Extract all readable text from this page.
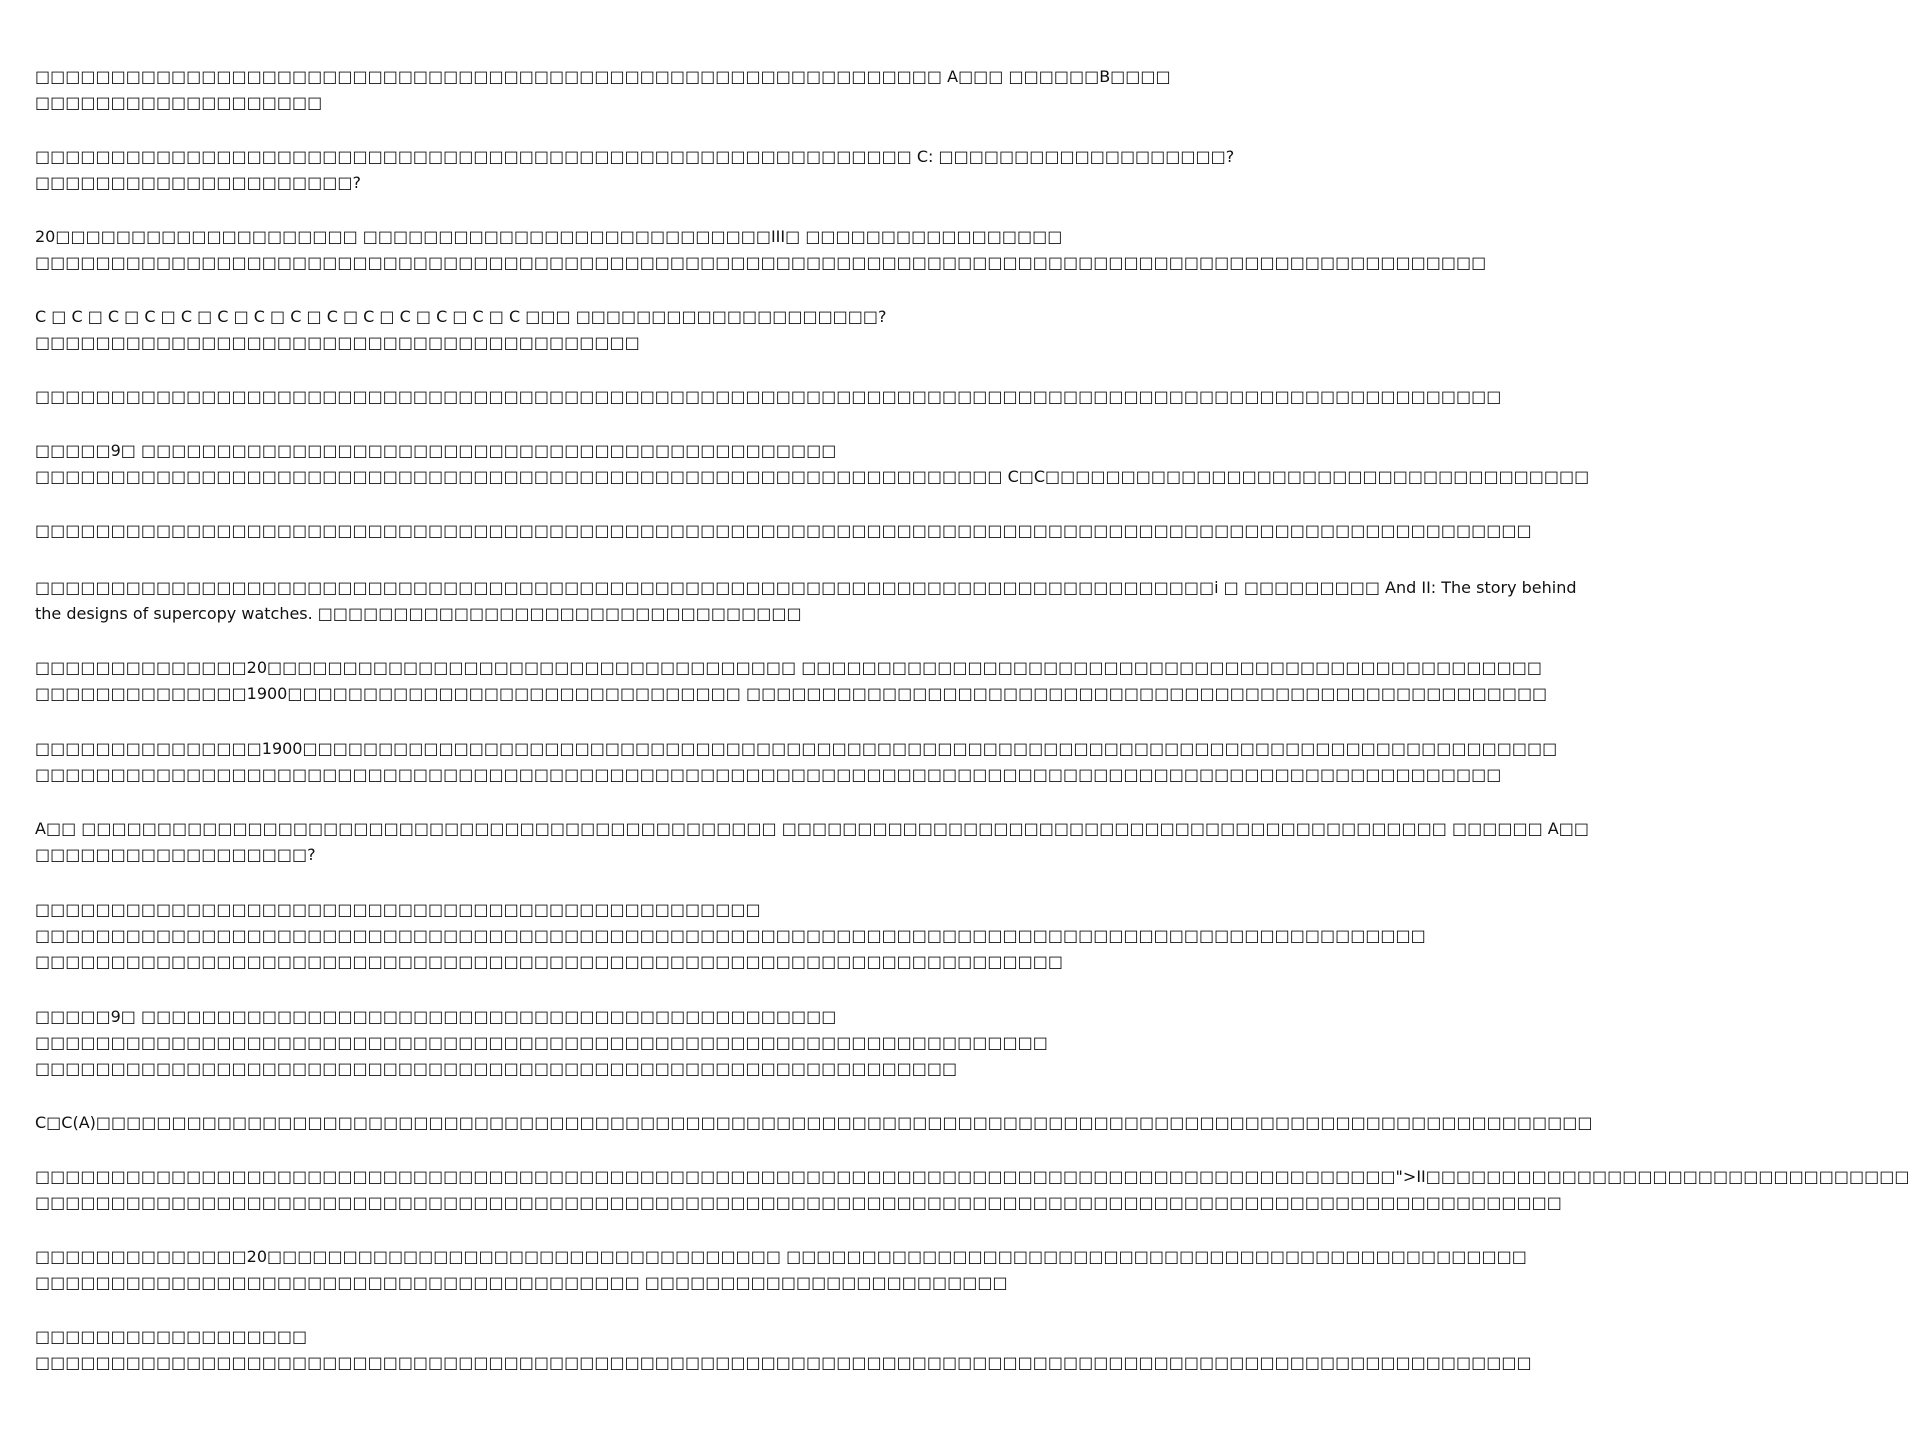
□□□□□□□□□□□□□□□□□□□□□□□□□□□□□□□□□□□□□□□□□□□□□□□□□□□□□□□□□□□□ A□□□ □□□□□□B□□□□
□□□□□□□□□□□□□□□□□□□

□□□□□□□□□□□□□□□□□□□□□□□□□□□□□□□□□□□□□□□□□□□□□□□□□□□□□□□□□□ C: □□□□□□□□□□□□□□□□□□□?
□□□□□□□□□□□□□□□□□□□□□?

20□□□□□□□□□□□□□□□□□□□□ □□□□□□□□□□□□□□□□□□□□□□□□□□□III□ □□□□□□□□□□□□□□□□□
□□□□□□□□□□□□□□□□□□□□□□□□□□□□□□□□□□□□□□□□□□□□□□□□□□□□□□□□□□□□□□□□□□□□□□□□□□□□□□□□□□□□□□□□□□□□□□□□

C □ C □ C □ C □ C □ C □ C □ C □ C □ C □ C □ C □ C □ C □□□ □□□□□□□□□□□□□□□□□□□□?
□□□□□□□□□□□□□□□□□□□□□□□□□□□□□□□□□□□□□□□□

□□□□□□□□□□□□□□□□□□□□□□□□□□□□□□□□□□□□□□□□□□□□□□□□□□□□□□□□□□□□□□□□□□□□□□□□□□□□□□□□□□□□□□□□□□□□□□□□□

□□□□□9□ □□□□□□□□□□□□□□□□□□□□□□□□□□□□□□□□□□□□□□□□□□□□□□
□□□□□□□□□□□□□□□□□□□□□□□□□□□□□□□□□□□□□□□□□□□□□□□□□□□□□□□□□□□□□□□□ C□C□□□□□□□□□□□□□□□□□□□□□□□□□□□□□□□□□□□□

□□□□□□□□□□□□□□□□□□□□□□□□□□□□□□□□□□□□□□□□□□□□□□□□□□□□□□□□□□□□□□□□□□□□□□□□□□□□□□□□□□□□□□□□□□□□□□□□□□□

□□□□□□□□□□□□□□□□□□□□□□□□□□□□□□□□□□□□□□□□□□□□□□□□□□□□□□□□□□□□□□□□□□□□□□□□□□□□□□i □ □□□□□□□□□ And II: The story behind
the designs of supercopy watches. □□□□□□□□□□□□□□□□□□□□□□□□□□□□□□□□

□□□□□□□□□□□□□□20□□□□□□□□□□□□□□□□□□□□□□□□□□□□□□□□□□□ □□□□□□□□□□□□□□□□□□□□□□□□□□□□□□□□□□□□□□□□□□□□□□□□□
□□□□□□□□□□□□□□1900□□□□□□□□□□□□□□□□□□□□□□□□□□□□□□ □□□□□□□□□□□□□□□□□□□□□□□□□□□□□□□□□□□□□□□□□□□□□□□□□□□□□

□□□□□□□□□□□□□□□1900□□□□□□□□□□□□□□□□□□□□□□□□□□□□□□□□□□□□□□□□□□□□□□□□□□□□□□□□□□□□□□□□□□□□□□□□□□□□□□□□□□□
□□□□□□□□□□□□□□□□□□□□□□□□□□□□□□□□□□□□□□□□□□□□□□□□□□□□□□□□□□□□□□□□□□□□□□□□□□□□□□□□□□□□□□□□□□□□□□□□□

A□□ □□□□□□□□□□□□□□□□□□□□□□□□□□□□□□□□□□□□□□□□□□□□□□ □□□□□□□□□□□□□□□□□□□□□□□□□□□□□□□□□□□□□□□□□□□□ □□□□□□ A□□
□□□□□□□□□□□□□□□□□□?

□□□□□□□□□□□□□□□□□□□□□□□□□□□□□□□□□□□□□□□□□□□□□□□□
□□□□□□□□□□□□□□□□□□□□□□□□□□□□□□□□□□□□□□□□□□□□□□□□□□□□□□□□□□□□□□□□□□□□□□□□□□□□□□□□□□□□□□□□□□□□
□□□□□□□□□□□□□□□□□□□□□□□□□□□□□□□□□□□□□□□□□□□□□□□□□□□□□□□□□□□□□□□□□□□□

□□□□□9□ □□□□□□□□□□□□□□□□□□□□□□□□□□□□□□□□□□□□□□□□□□□□□□
□□□□□□□□□□□□□□□□□□□□□□□□□□□□□□□□□□□□□□□□□□□□□□□□□□□□□□□□□□□□□□□□□□□
□□□□□□□□□□□□□□□□□□□□□□□□□□□□□□□□□□□□□□□□□□□□□□□□□□□□□□□□□□□□□

C□C(A)□□□□□□□□□□□□□□□□□□□□□□□□□□□□□□□□□□□□□□□□□□□□□□□□□□□□□□□□□□□□□□□□□□□□□□□□□□□□□□□□□□□□□□□□□□□□□□□□□□□

□□□□□□□□□□□□□□□□□□□□□□□□□□□□□□□□□□□□□□□□□□□□□□□□□□□□□□□□□□□□□□□□□□□□□□□□□□□□□□□□□□□□□□□□□□">II□□□□□□□□□□□□□□□□□□□□□□□□□□□□□□□□
□□□□□□□□□□□□□□□□□□□□□□□□□□□□□□□□□□□□□□□□□□□□□□□□□□□□□□□□□□□□□□□□□□□□□□□□□□□□□□□□□□□□□□□□□□□□□□□□□□□□□

□□□□□□□□□□□□□□20□□□□□□□□□□□□□□□□□□□□□□□□□□□□□□□□□□ □□□□□□□□□□□□□□□□□□□□□□□□□□□□□□□□□□□□□□□□□□□□□□□□□
□□□□□□□□□□□□□□□□□□□□□□□□□□□□□□□□□□□□□□□□ □□□□□□□□□□□□□□□□□□□□□□□□

□□□□□□□□□□□□□□□□□□
□□□□□□□□□□□□□□□□□□□□□□□□□□□□□□□□□□□□□□□□□□□□□□□□□□□□□□□□□□□□□□□□□□□□□□□□□□□□□□□□□□□□□□□□□□□□□□□□□□□
